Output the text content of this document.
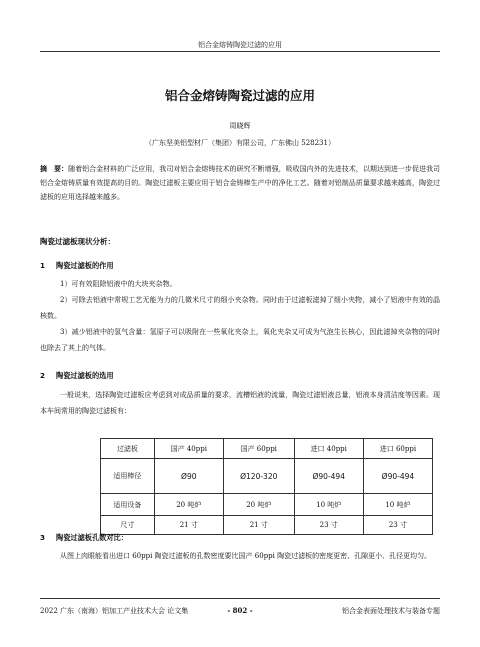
铝合金熔铸陶瓷过滤的应用
铝合金熔铸陶瓷过滤的应用
周晓辉
（广东坚美铝型材厂（集团）有限公司，广东佛山 528231）
摘　要：随着铝合金材料的广泛应用，我司对铝合金熔铸技术的研究不断增强，吸收国内外的先进技术，以期达到进一步促进我司铝合金熔铸质量有效提高的目的。陶瓷过滤板主要应用于铝合金铸棒生产中的净化工艺。随着对铝制品质量要求越来越高，陶瓷过滤板的应用选择越来越多。
陶瓷过滤板现状分析：
1 陶瓷过滤板的作用
1）可有效阻除铝液中的大块夹杂物。
2）可除去铝液中常规工艺无能为力的几微米尺寸的细小夹杂物。同时由于过滤板滤掉了细小夹物，减小了铝液中有效的晶核数。
3）减少铝液中的氢气含量：氢原子可以吸附在一些氧化夹杂上，氧化夹杂又可成为气泡生长核心，因此滤掉夹杂物的同时也除去了其上的气体。
2 陶瓷过滤板的选用
一般说来，选择陶瓷过滤板应考虑到对成品质量的要求，流槽铝液的流量，陶瓷过滤铝液总量，铝液本身清洁度等因素。现本车间常用的陶瓷过滤板有：
过滤板	国产 40ppi	国产 60ppi	进口 40ppi	进口 60ppi
适用棒径	Ø90	Ø120-320	Ø90-494	Ø90-494
适用设备	20 吨炉	20 吨炉	10 吨炉	10 吨炉
尺寸	21 寸	21 寸	23 寸	23 寸
3 陶瓷过滤板孔数对比：
从图上肉眼能看出进口 60ppi 陶瓷过滤板的孔数密度要比国产 60ppi 陶瓷过滤板的密度更密、孔隙更小、孔径更均匀。
2022 广东（南海）铝加工产业技术大会 论文集	- 802 -	铝合金表面处理技术与装备专题
